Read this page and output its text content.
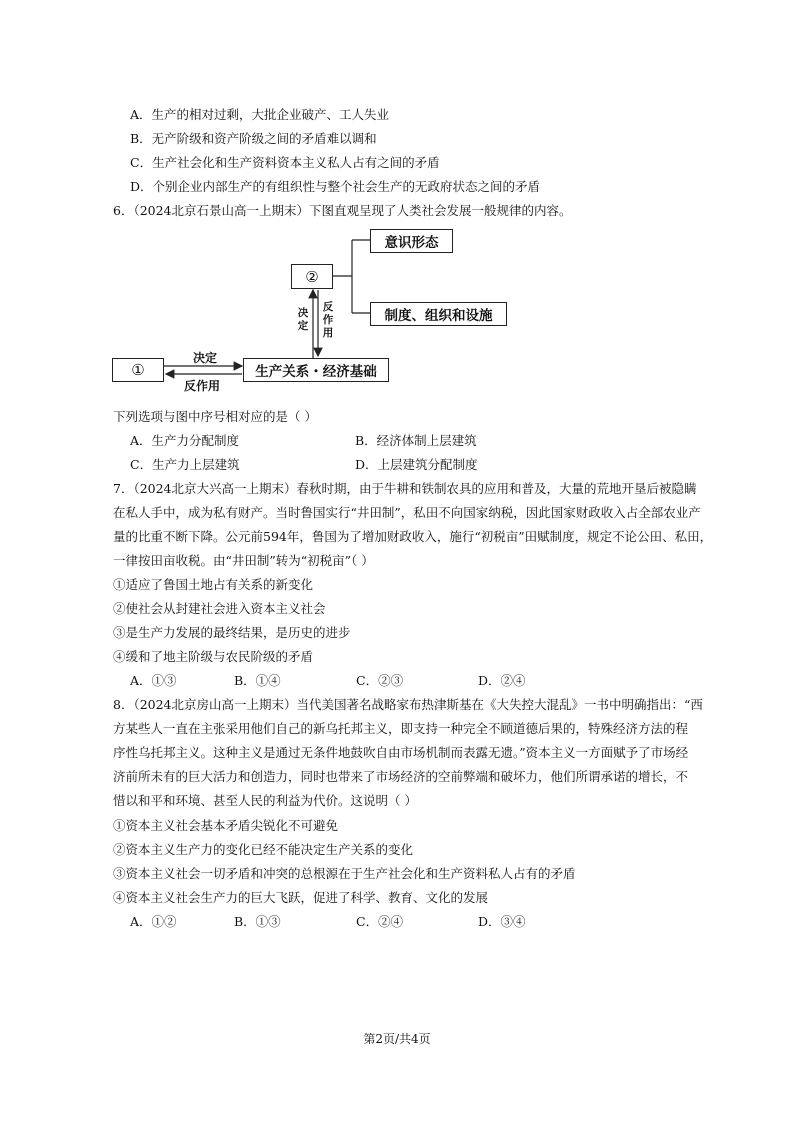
A．生产的相对过剩，大批企业破产、工人失业
B．无产阶级和资产阶级之间的矛盾难以调和
C．生产社会化和生产资料资本主义私人占有之间的矛盾
D．个别企业内部生产的有组织性与整个社会生产的无政府状态之间的矛盾
6．（2024北京石景山高一上期末）下图直观呈现了人类社会发展一般规律的内容。
意识形态
制度、组织和设施
②
①	生产关系・经济基础
决定
反作用
决定
反作用
下列选项与图中序号相对应的是（ ）
A．生产力分配制度	B．经济体制上层建筑
C．生产力上层建筑	D．上层建筑分配制度
7．（2024北京大兴高一上期末）春秋时期，由于牛耕和铁制农具的应用和普及，大量的荒地开垦后被隐瞒
在私人手中，成为私有财产。当时鲁国实行“井田制”，私田不向国家纳税，因此国家财政收入占全部农业产
量的比重不断下降。公元前594年，鲁国为了增加财政收入，施行“初税亩”田赋制度，规定不论公田、私田，
一律按田亩收税。由“井田制”转为“初税亩”（ ）
①适应了鲁国土地占有关系的新变化
②使社会从封建社会进入资本主义社会
③是生产力发展的最终结果，是历史的进步
④缓和了地主阶级与农民阶级的矛盾
A．①③	B．①④	C．②③	D．②④
8．（2024北京房山高一上期末）当代美国著名战略家布热津斯基在《大失控大混乱》一书中明确指出：“西
方某些人一直在主张采用他们自己的新乌托邦主义，即支持一种完全不顾道德后果的，特殊经济方法的程
序性乌托邦主义。这种主义是通过无条件地鼓吹自由市场机制而表露无遗。”资本主义一方面赋予了市场经
济前所未有的巨大活力和创造力，同时也带来了市场经济的空前弊端和破坏力，他们所谓承诺的增长，不
惜以和平和环境、甚至人民的利益为代价。这说明（ ）
①资本主义社会基本矛盾尖锐化不可避免
②资本主义生产力的变化已经不能决定生产关系的变化
③资本主义社会一切矛盾和冲突的总根源在于生产社会化和生产资料私人占有的矛盾
④资本主义社会生产力的巨大飞跃，促进了科学、教育、文化的发展
A．①②	B．①③	C．②④	D．③④
第2页/共4页
